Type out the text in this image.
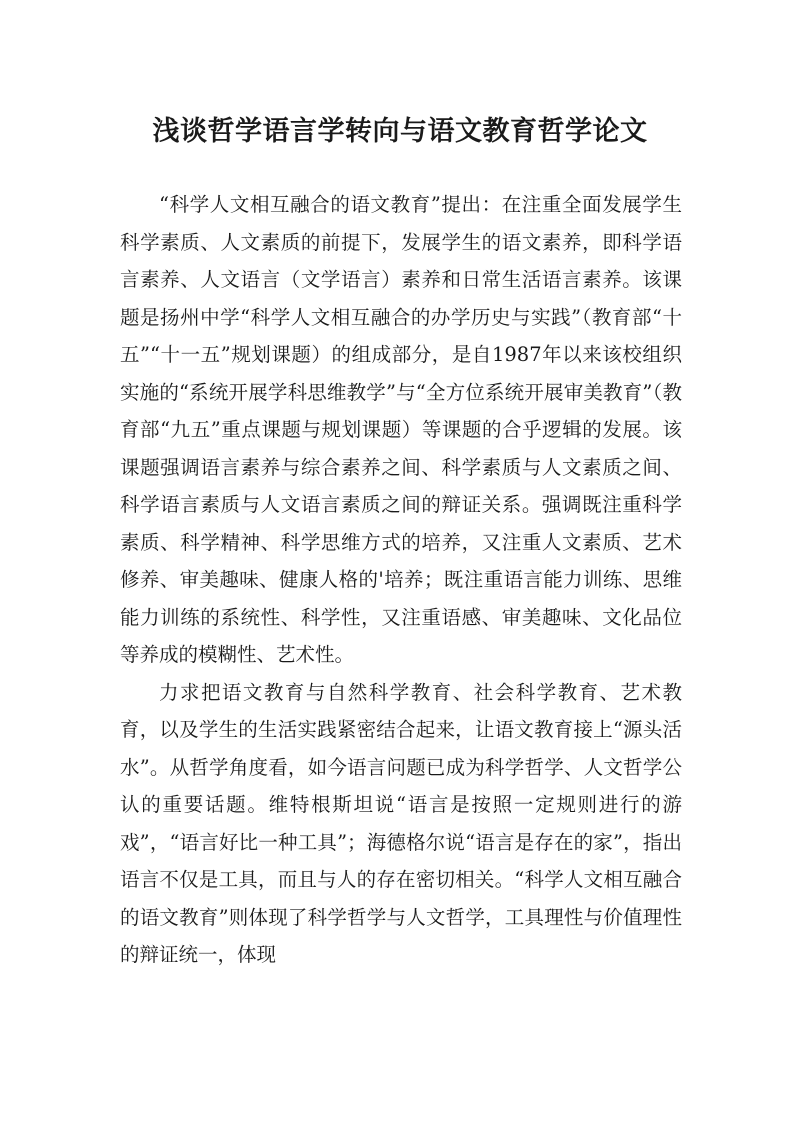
浅谈哲学语言学转向与语文教育哲学论文

“科学人文相互融合的语文教育”提出：在注重全面发展学生科学素质、人文素质的前提下，发展学生的语文素养，即科学语言素养、人文语言（文学语言）素养和日常生活语言素养。该课题是扬州中学“科学人文相互融合的办学历史与实践”（教育部“十五”“十一五”规划课题）的组成部分，是自1987年以来该校组织实施的“系统开展学科思维教学”与“全方位系统开展审美教育”（教育部“九五”重点课题与规划课题）等课题的合乎逻辑的发展。该课题强调语言素养与综合素养之间、科学素质与人文素质之间、科学语言素质与人文语言素质之间的辩证关系。强调既注重科学素质、科学精神、科学思维方式的培养，又注重人文素质、艺术修养、审美趣味、健康人格的'培养；既注重语言能力训练、思维能力训练的系统性、科学性，又注重语感、审美趣味、文化品位等养成的模糊性、艺术性。

力求把语文教育与自然科学教育、社会科学教育、艺术教育，以及学生的生活实践紧密结合起来，让语文教育接上“源头活水”。从哲学角度看，如今语言问题已成为科学哲学、人文哲学公认的重要话题。维特根斯坦说“语言是按照一定规则进行的游戏”，“语言好比一种工具”；海德格尔说“语言是存在的家”，指出语言不仅是工具，而且与人的存在密切相关。“科学人文相互融合的语文教育”则体现了科学哲学与人文哲学，工具理性与价值理性的辩证统一，体现
